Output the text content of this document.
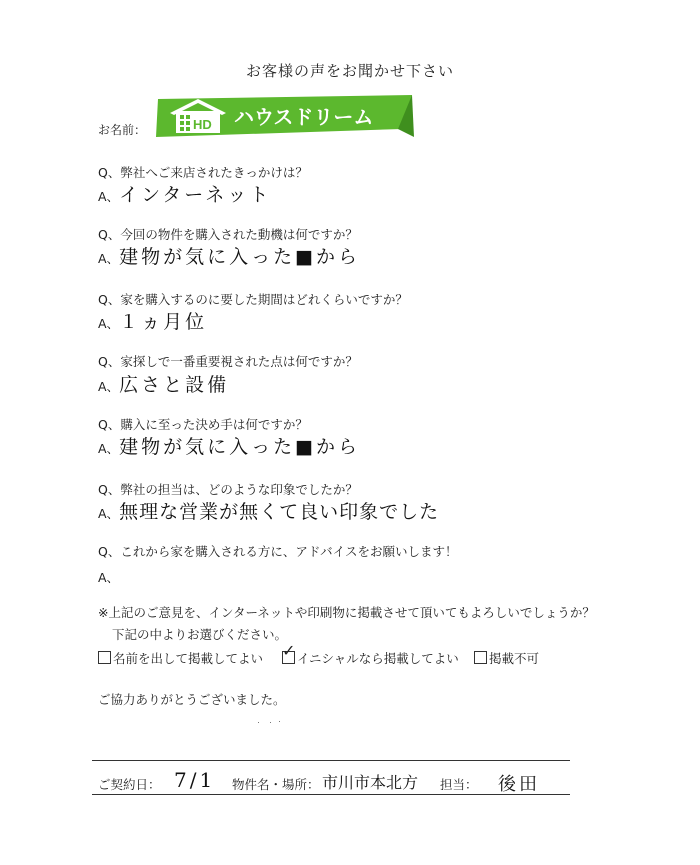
お客様の声をお聞かせ下さい
お名前：	HD ハウスドリーム
Q、弊社へご来店されたきっかけは？
A、インターネット
Q、今回の物件を購入された動機は何ですか？
A、建物が気に入った■から
Q、家を購入するのに要した期間はどれくらいですか？
A、１ヵ月位
Q、家探しで一番重要視された点は何ですか？
A、広さと設備
Q、購入に至った決め手は何ですか？
A、建物が気に入った■から
Q、弊社の担当は、どのような印象でしたか？
A、無理な営業が無くて良い印象でした
Q、これから家を購入される方に、アドバイスをお願いします！
A、
※上記のご意見を、インターネットや印刷物に掲載させて頂いてもよろしいでしょうか？
下記の中よりお選びください。
名前を出して掲載してよい ✓ イニシャルなら掲載してよい	掲載不可
ご協力ありがとうございました。
ご契約日： 7/1 物件名・場所： 市川市本北方 担当： 後田
